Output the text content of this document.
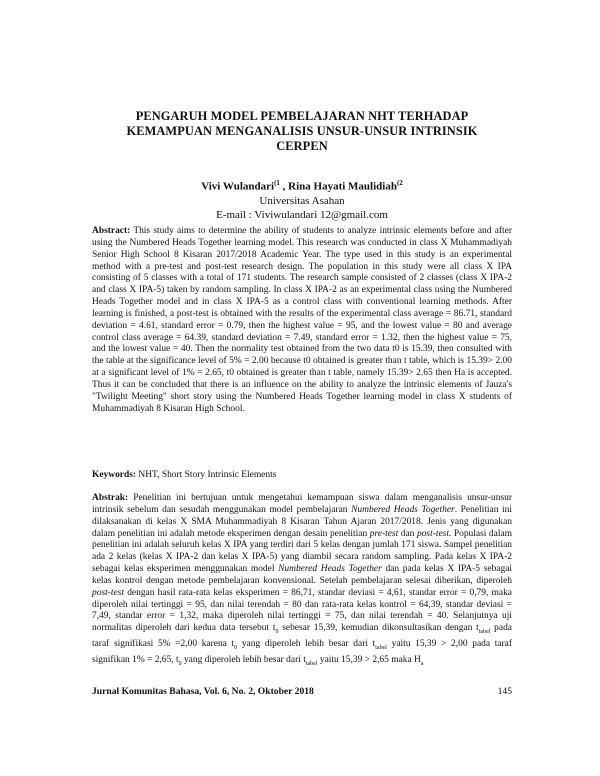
PENGARUH MODEL PEMBELAJARAN NHT TERHADAP
KEMAMPUAN MENGANALISIS UNSUR-UNSUR INTRINSIK
CERPEN
Vivi Wulandari$^{(1}$ , Rina Hayati Maulidiah$^{(2}$
Universitas Asahan
E-mail : Viviwulandari 12@gmail.com

Abstract: This study aims to determine the ability of students to analyze intrinsic elements before and after using the Numbered Heads Together learning model. This research was conducted in class X Muhammadiyah Senior High School 8 Kisaran 2017/2018 Academic Year. The type used in this study is an experimental method with a pre-test and post-test research design. The population in this study were all class X IPA consisting of 5 classes with a total of 171 students. The research sample consisted of 2 classes (class X IPA-2 and class X IPA-5) taken by random sampling. In class X IPA-2 as an experimental class using the Numbered Heads Together model and in class X IPA-5 as a control class with conventional learning methods. After learning is finished, a post-test is obtained with the results of the experimental class average = 86.71, standard deviation = 4.61, standard error = 0.79, then the highest value = 95, and the lowest value = 80 and average control class average = 64.39, standard deviation = 7.49, standard error = 1.32, then the highest value = 75, and the lowest value = 40. Then the normality test obtained from the two data t0 is 15.39, then consulted with the table at the significance level of 5% = 2.00 because t0 obtained is greater than t table, which is 15.39> 2.00 at a significant level of 1% = 2.65, t0 obtained is greater than t table, namely 15.39> 2.65 then Ha is accepted. Thus it can be concluded that there is an influence on the ability to analyze the intrinsic elements of Jauza's "Twilight Meeting" short story using the Numbered Heads Together learning model in class X students of Muhammadiyah 8 Kisaran High School.

Keywords: NHT, Short Story Intrinsic Elements

Abstrak: Penelitian ini bertujuan untuk mengetahui kemampuan siswa dalam menganalisis unsur-unsur intrinsik sebelum dan sesudah menggunakan model pembelajaran Numbered Heads Together. Penelitian ini dilaksanakan di kelas X SMA Muhammadiyah 8 Kisaran Tahun Ajaran 2017/2018. Jenis yang digunakan dalam penelitian ini adalah metode eksperimen dengan desain penelitian pre-test dan post-test. Populasi dalam penelitian ini adalah seluruh kelas X IPA yang terdiri dari 5 kelas dengan jumlah 171 siswa. Sampel penelitian ada 2 kelas (kelas X IPA-2 dan kelas X IPA-5) yang diambil secara random sampling. Pada kelas X IPA-2 sebagai kelas eksperimen menggunakan model Numbered Heads Together dan pada kelas X IPA-5 sebagai kelas kontrol dengan metode pembelajaran konvensional. Setelah pembelajaran selesai diberikan, diperoleh post-test dengan hasil rata-rata kelas eksperimen = 86,71, standar deviasi = 4,61, standar error = 0,79, maka diperoleh nilai tertinggi = 95, dan nilai terendah = 80 dan rata-rata kelas kontrol = 64,39, standar deviasi = 7,49, standar error = 1,32, maka diperoleh nilai tertinggi = 75, dan nilai terendah = 40. Selanjutnya uji normalitas diperoleh dari kedua data tersebut $t_0$ sebesar 15,39, kemudian dikonsultasikan dengan $t_{tabel}$ pada taraf signifikasi 5% =2,00 karena $t_0$ yang diperoleh lebih besar dari $t_{tabel}$ yaitu 15,39 > 2,00 pada taraf signifikan 1% = 2,65, $t_0$ yang diperoleh lebih besar dari $t_{tabel}$ yaitu 15,39 > 2,65 maka $H_a$

Jurnal Komunitas Bahasa, Vol. 6, No. 2, Oktober 2018	145
